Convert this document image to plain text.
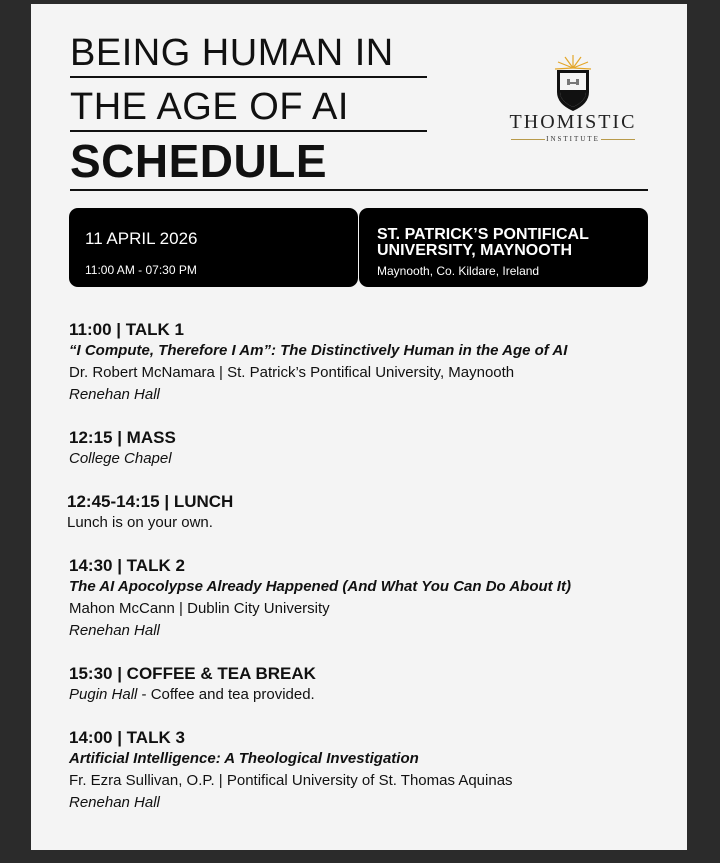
BEING HUMAN IN
THE AGE OF AI
SCHEDULE
THOMISTIC
INSTITUTE
11 APRIL 2026
11:00 AM - 07:30 PM
ST. PATRICK’S PONTIFICAL
UNIVERSITY, MAYNOOTH
Maynooth, Co. Kildare, Ireland
11:00 | TALK 1
“I Compute, Therefore I Am”: The Distinctively Human in the Age of AI
Dr. Robert McNamara | St. Patrick’s Pontifical University, Maynooth
Renehan Hall
12:15 | MASS
College Chapel
12:45-14:15 | LUNCH
Lunch is on your own.
14:30 | TALK 2
The AI Apocolypse Already Happened (And What You Can Do About It)
Mahon McCann | Dublin City University
Renehan Hall
15:30 | COFFEE & TEA BREAK
Pugin Hall - Coffee and tea provided.
14:00 | TALK 3
Artificial Intelligence: A Theological Investigation
Fr. Ezra Sullivan, O.P. | Pontifical University of St. Thomas Aquinas
Renehan Hall
